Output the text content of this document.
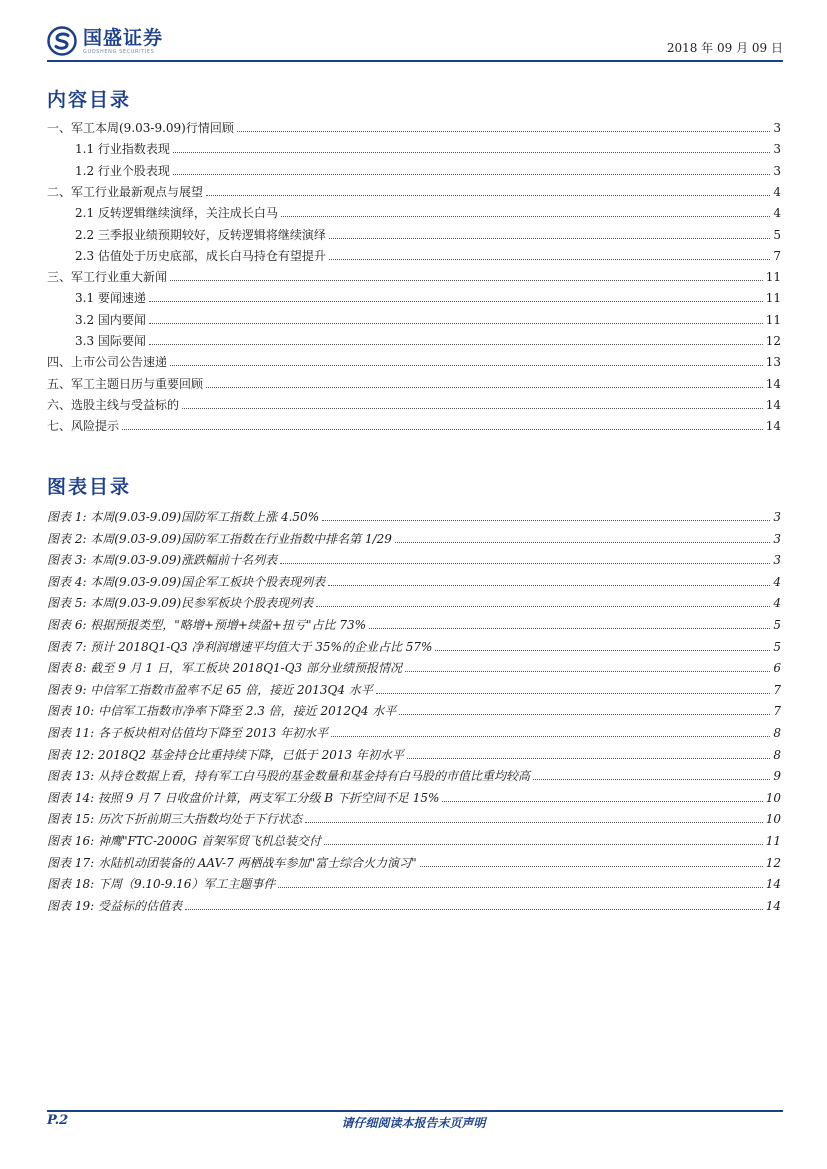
国盛证券
GUOSHENG SECURITIES	2018 年 09 月 09 日
内容目录
一、军工本周(9.03-9.09)行情回顾	3
1.1 行业指数表现	3
1.2 行业个股表现	3
二、军工行业最新观点与展望	4
2.1 反转逻辑继续演绎，关注成长白马	4
2.2 三季报业绩预期较好，反转逻辑将继续演绎	5
2.3 估值处于历史底部，成长白马持仓有望提升	7
三、军工行业重大新闻	11
3.1 要闻速递	11
3.2 国内要闻	11
3.3 国际要闻	12
四、上市公司公告速递	13
五、军工主题日历与重要回顾	14
六、选股主线与受益标的	14
七、风险提示	14
图表目录
图表 1: 本周(9.03-9.09)国防军工指数上涨 4.50%	3
图表 2: 本周(9.03-9.09)国防军工指数在行业指数中排名第 1/29	3
图表 3: 本周(9.03-9.09)涨跌幅前十名列表	3
图表 4: 本周(9.03-9.09)国企军工板块个股表现列表	4
图表 5: 本周(9.03-9.09)民参军板块个股表现列表	4
图表 6: 根据预报类型，"略增+预增+续盈+扭亏"占比 73%	5
图表 7: 预计 2018Q1-Q3 净利润增速平均值大于 35%的企业占比 57%	5
图表 8: 截至 9 月 1 日，军工板块 2018Q1-Q3 部分业绩预报情况	6
图表 9: 中信军工指数市盈率不足 65 倍，接近 2013Q4 水平	7
图表 10: 中信军工指数市净率下降至 2.3 倍，接近 2012Q4 水平	7
图表 11: 各子板块相对估值均下降至 2013 年初水平	8
图表 12: 2018Q2 基金持仓比重持续下降，已低于 2013 年初水平	8
图表 13: 从持仓数据上看，持有军工白马股的基金数量和基金持有白马股的市值比重均较高	9
图表 14: 按照 9 月 7 日收盘价计算，两支军工分级 B 下折空间不足 15%	10
图表 15: 历次下折前期三大指数均处于下行状态	10
图表 16: 神鹰"FTC-2000G 首架军贸飞机总装交付	11
图表 17: 水陆机动团装备的 AAV-7 两栖战车参加"富士综合火力演习"	12
图表 18: 下周（9.10-9.16）军工主题事件	14
图表 19: 受益标的估值表	14
P.2	请仔细阅读本报告末页声明
